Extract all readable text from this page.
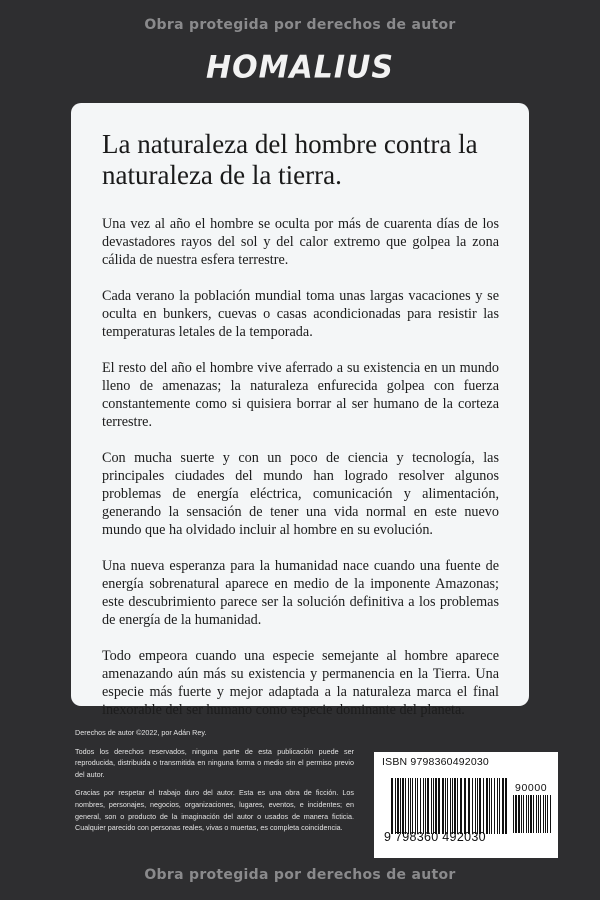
Obra protegida por derechos de autor
HOMALIUS
La naturaleza del hombre contra la naturaleza de la tierra.

Una vez al año el hombre se oculta por más de cuarenta días de los devastadores rayos del sol y del calor extremo que golpea la zona cálida de nuestra esfera terrestre.

Cada verano la población mundial toma unas largas vacaciones y se oculta en bunkers, cuevas o casas acondicionadas para resistir las temperaturas letales de la temporada.

El resto del año el hombre vive aferrado a su existencia en un mundo lleno de amenazas; la naturaleza enfurecida golpea con fuerza constantemente como si quisiera borrar al ser humano de la corteza terrestre.

Con mucha suerte y con un poco de ciencia y tecnología, las principales ciudades del mundo han logrado resolver algunos problemas de energía eléctrica, comunicación y alimentación, generando la sensación de tener una vida normal en este nuevo mundo que ha olvidado incluir al hombre en su evolución.

Una nueva esperanza para la humanidad nace cuando una fuente de energía sobrenatural aparece en medio de la imponente Amazonas; este descubrimiento parece ser la solución definitiva a los problemas de energía de la humanidad.

Todo empeora cuando una especie semejante al hombre aparece amenazando aún más su existencia y permanencia en la Tierra. Una especie más fuerte y mejor adaptada a la naturaleza marca el final inexorable del ser humano como especie dominante del planeta.

Derechos de autor ©2022, por Adán Rey.

Todos los derechos reservados, ninguna parte de esta publicación puede ser reproducida, distribuida o transmitida en ninguna forma o medio sin el permiso previo del autor.

Gracias por respetar el trabajo duro del autor. Esta es una obra de ficción. Los nombres, personajes, negocios, organizaciones, lugares, eventos, e incidentes; en general, son o producto de la imaginación del autor o usados de manera ficticia. Cualquier parecido con personas reales, vivas o muertas, es completa coincidencia.

ISBN 9798360492030
90000
9 798360 492030
Obra protegida por derechos de autor
